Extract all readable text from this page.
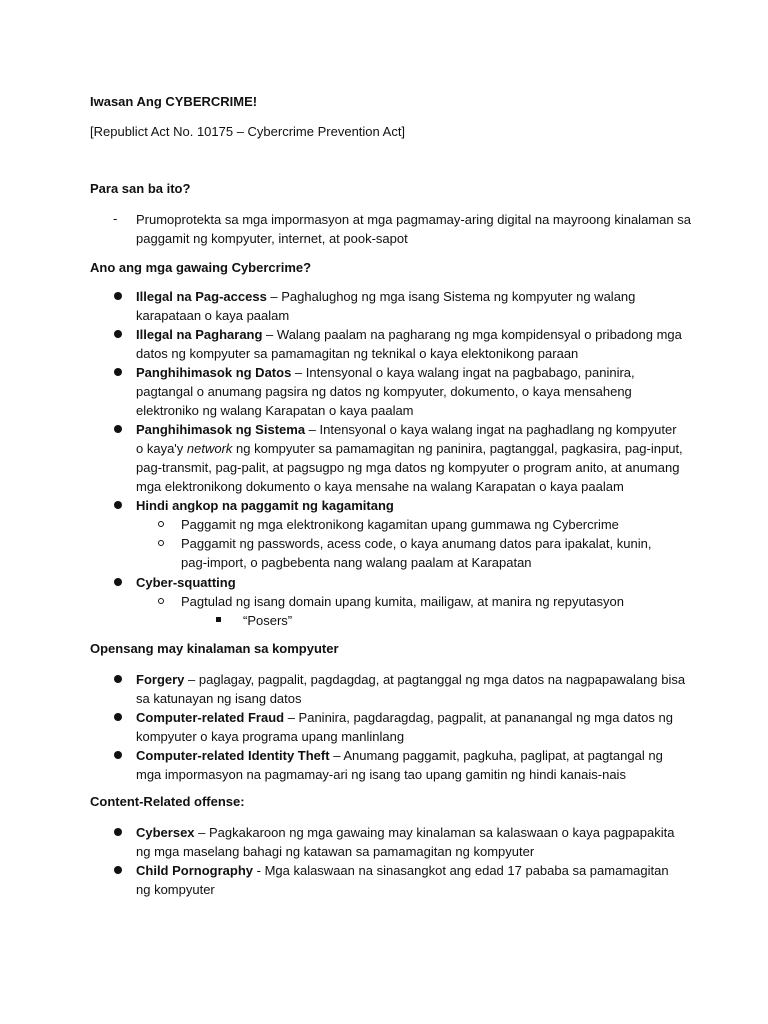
Iwasan Ang CYBERCRIME!
[Republict Act No. 10175 – Cybercrime Prevention Act]
Para san ba ito?
- Prumoprotekta sa mga impormasyon at mga pagmamay-aring digital na mayroong kinalaman sa paggamit ng kompyuter, internet, at pook-sapot
Ano ang mga gawaing Cybercrime?
Illegal na Pag-access – Paghalughog ng mga isang Sistema ng kompyuter ng walang karapataan o kaya paalam
Illegal na Pagharang – Walang paalam na pagharang ng mga kompidensyal o pribadong mga datos ng kompyuter sa pamamagitan ng teknikal o kaya elektonikong paraan
Panghihimasok ng Datos – Intensyonal o kaya walang ingat na pagbabago, paninira, pagtangal o anumang pagsira ng datos ng kompyuter, dokumento, o kaya mensaheng elektroniko ng walang Karapatan o kaya paalam
Panghihimasok ng Sistema – Intensyonal o kaya walang ingat na paghadlang ng kompyuter o kaya'y network ng kompyuter sa pamamagitan ng paninira, pagtanggal, pagkasira, pag-input, pag-transmit, pag-palit, at pagsugpo ng mga datos ng kompyuter o program anito, at anumang mga elektronikong dokumento o kaya mensahe na walang Karapatan o kaya paalam
Hindi angkop na paggamit ng kagamitang
Paggamit ng mga elektronikong kagamitan upang gummawa ng Cybercrime
Paggamit ng passwords, acess code, o kaya anumang datos para ipakalat, kunin, pag-import, o pagbebenta nang walang paalam at Karapatan
Cyber-squatting
Pagtulad ng isang domain upang kumita, mailigaw, at manira ng repyutasyon
“Posers”
Opensang may kinalaman sa kompyuter
Forgery – paglagay, pagpalit, pagdagdag, at pagtanggal ng mga datos na nagpapawalang bisa sa katunayan ng isang datos
Computer-related Fraud – Paninira, pagdaragdag, pagpalit, at pananangal ng mga datos ng kompyuter o kaya programa upang manlinlang
Computer-related Identity Theft – Anumang paggamit, pagkuha, paglipat, at pagtangal ng mga impormasyon na pagmamay-ari ng isang tao upang gamitin ng hindi kanais-nais
Content-Related offense:
Cybersex – Pagkakaroon ng mga gawaing may kinalaman sa kalaswaan o kaya pagpapakita ng mga maselang bahagi ng katawan sa pamamagitan ng kompyuter
Child Pornography - Mga kalaswaan na sinasangkot ang edad 17 pababa sa pamamagitan ng kompyuter
